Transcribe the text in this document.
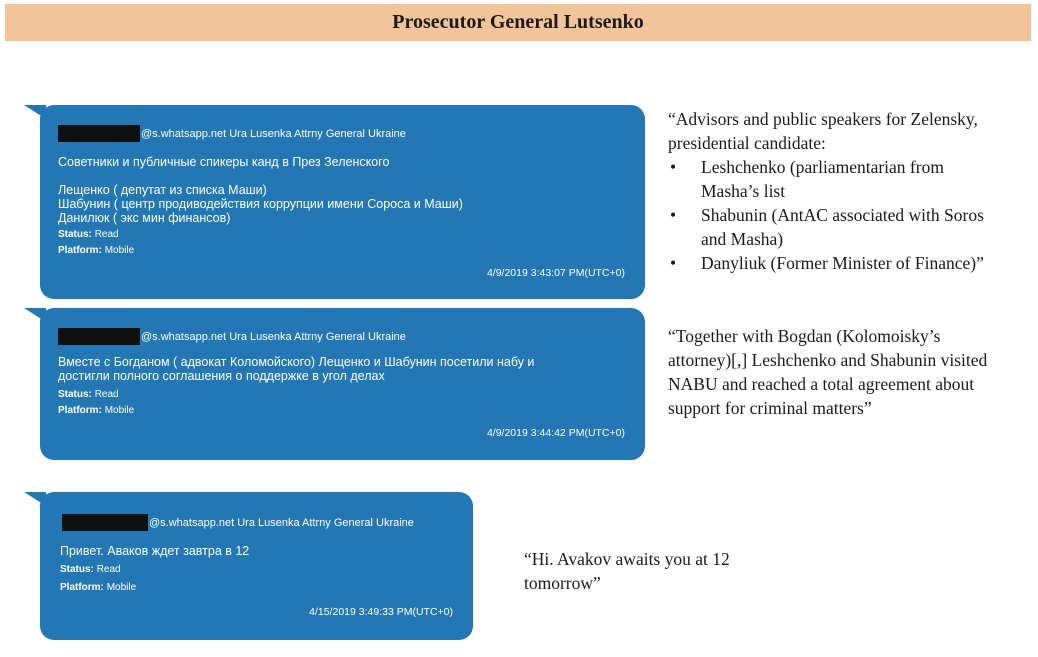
Prosecutor General Lutsenko
@s.whatsapp.net Ura Lusenka Attrny General Ukraine
Советники и публичные спикеры канд в През Зеленского

Лещенко ( депутат из списка Маши)
Шабунин ( центр продиводействия коррупции имени Сороса и Маши)
Данилюк ( экс мин финансов)
Status: Read
Platform: Mobile
4/9/2019 3:43:07 PM(UTC+0)
@s.whatsapp.net Ura Lusenka Attrny General Ukraine
Вместе с Богданом ( адвокат Коломойского) Лещенко и Шабунин посетили набу и
достигли полного соглашения о поддержке в угол делах
Status: Read
Platform: Mobile
4/9/2019 3:44:42 PM(UTC+0)
@s.whatsapp.net Ura Lusenka Attrny General Ukraine
Привет. Аваков ждет завтра в 12
Status: Read
Platform: Mobile
4/15/2019 3:49:33 PM(UTC+0)
“Advisors and public speakers for Zelensky, presidential candidate:
• Leshchenko (parliamentarian from Masha’s list
• Shabunin (AntAC associated with Soros and Masha)
• Danyliuk (Former Minister of Finance)”
“Together with Bogdan (Kolomoisky’s attorney)[,] Leshchenko and Shabunin visited NABU and reached a total agreement about support for criminal matters”
“Hi. Avakov awaits you at 12 tomorrow”
